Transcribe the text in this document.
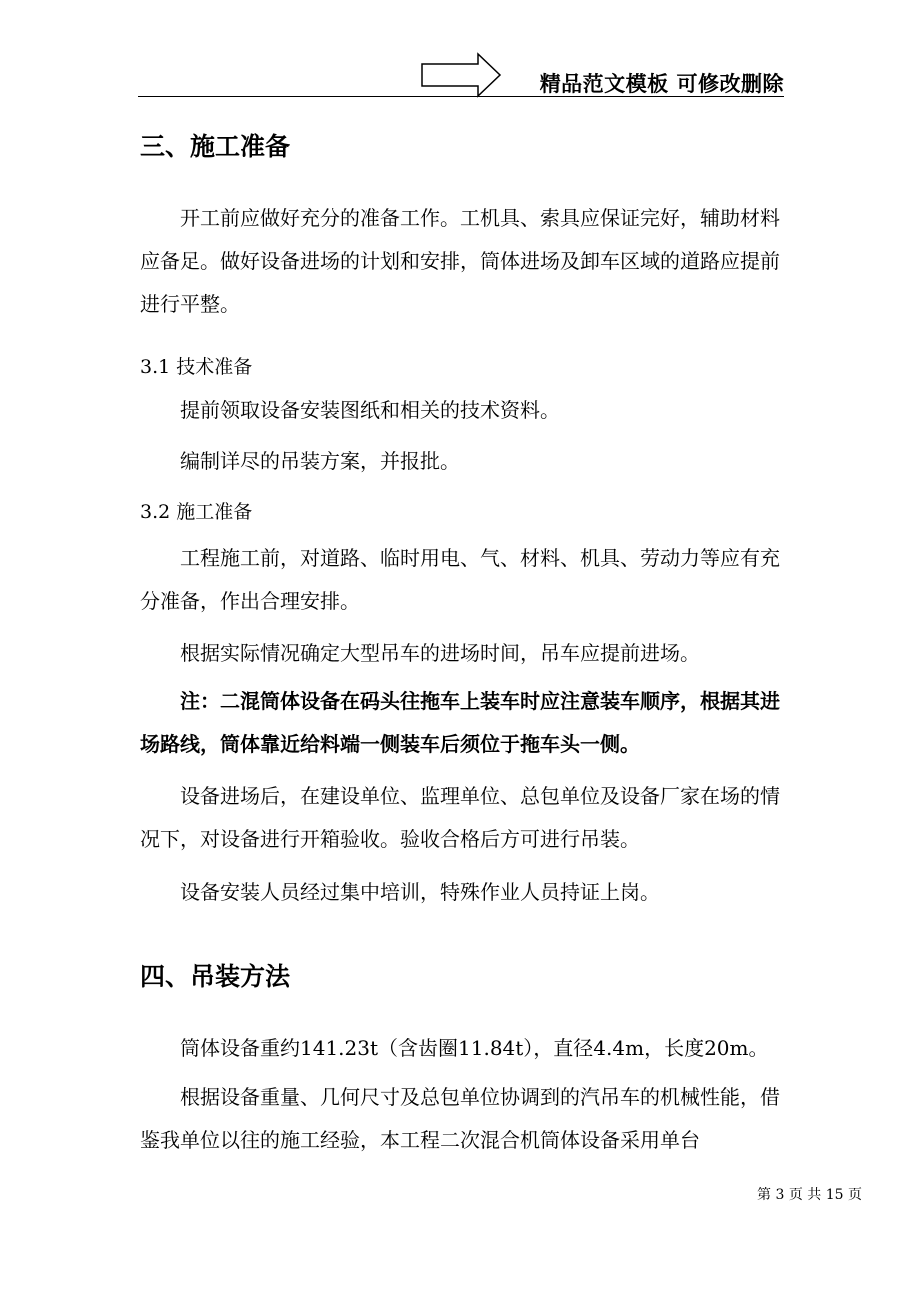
精品范文模板 可修改删除
三、施工准备

开工前应做好充分的准备工作。工机具、索具应保证完好，辅助材料应备足。做好设备进场的计划和安排，筒体进场及卸车区域的道路应提前进行平整。

3.1 技术准备

提前领取设备安装图纸和相关的技术资料。

编制详尽的吊装方案，并报批。

3.2 施工准备

工程施工前，对道路、临时用电、气、材料、机具、劳动力等应有充分准备，作出合理安排。

根据实际情况确定大型吊车的进场时间，吊车应提前进场。

注：二混筒体设备在码头往拖车上装车时应注意装车顺序，根据其进场路线，筒体靠近给料端一侧装车后须位于拖车头一侧。

设备进场后，在建设单位、监理单位、总包单位及设备厂家在场的情况下，对设备进行开箱验收。验收合格后方可进行吊装。

设备安装人员经过集中培训，特殊作业人员持证上岗。

四、吊装方法

筒体设备重约141.23t（含齿圈11.84t），直径4.4m，长度20m。

根据设备重量、几何尺寸及总包单位协调到的汽吊车的机械性能，借鉴我单位以往的施工经验，本工程二次混合机筒体设备采用单台

第 3 页 共 15 页
